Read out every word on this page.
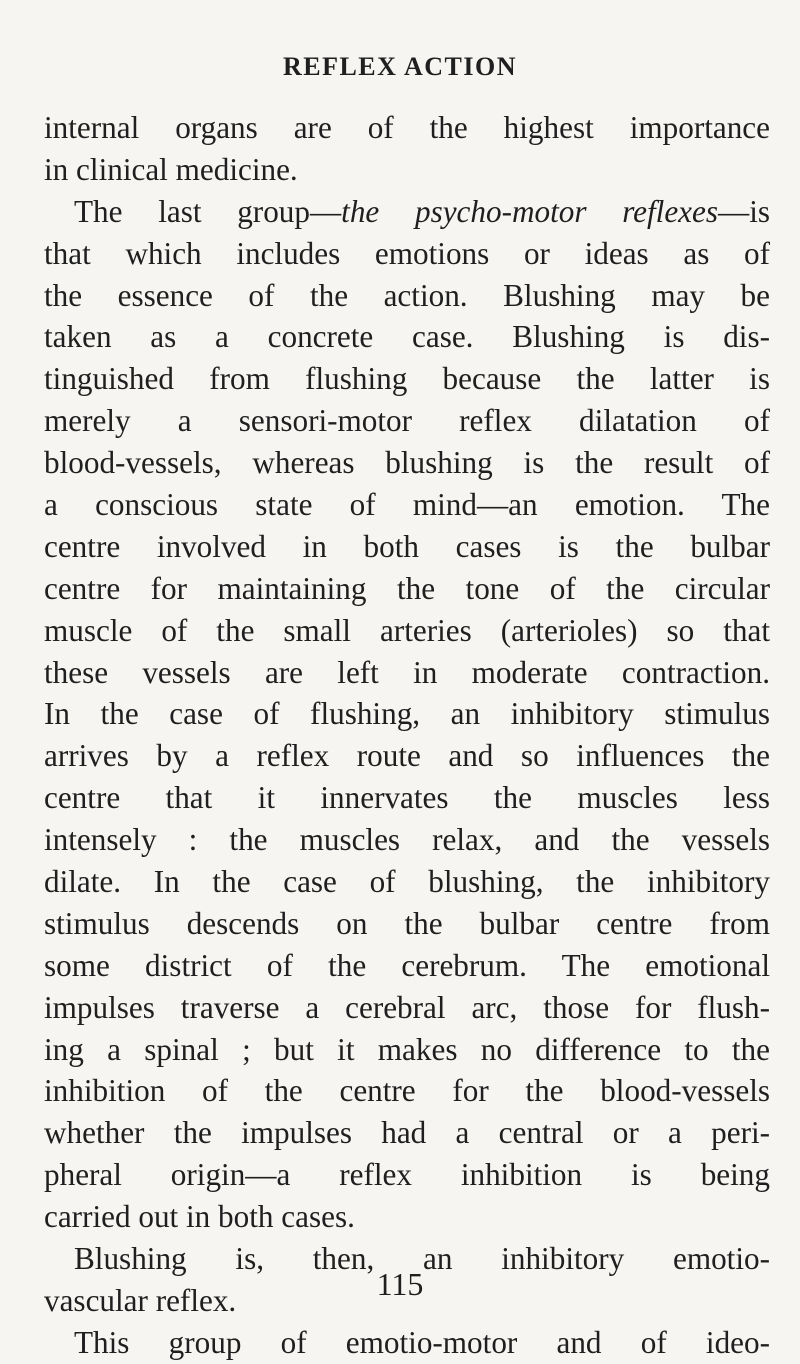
REFLEX ACTION
internal organs are of the highest importance
in clinical medicine.
The last group—the psycho-motor reflexes—is
that which includes emotions or ideas as of
the essence of the action. Blushing may be
taken as a concrete case. Blushing is dis-
tinguished from flushing because the latter is
merely a sensori-motor reflex dilatation of
blood-vessels, whereas blushing is the result of
a conscious state of mind—an emotion. The
centre involved in both cases is the bulbar
centre for maintaining the tone of the circular
muscle of the small arteries (arterioles) so that
these vessels are left in moderate contraction.
In the case of flushing, an inhibitory stimulus
arrives by a reflex route and so influences the
centre that it innervates the muscles less
intensely : the muscles relax, and the vessels
dilate. In the case of blushing, the inhibitory
stimulus descends on the bulbar centre from
some district of the cerebrum. The emotional
impulses traverse a cerebral arc, those for flush-
ing a spinal ; but it makes no difference to the
inhibition of the centre for the blood-vessels
whether the impulses had a central or a peri-
pheral origin—a reflex inhibition is being
carried out in both cases.
Blushing is, then, an inhibitory emotio-
vascular reflex.
This group of emotio-motor and of ideo-
115
